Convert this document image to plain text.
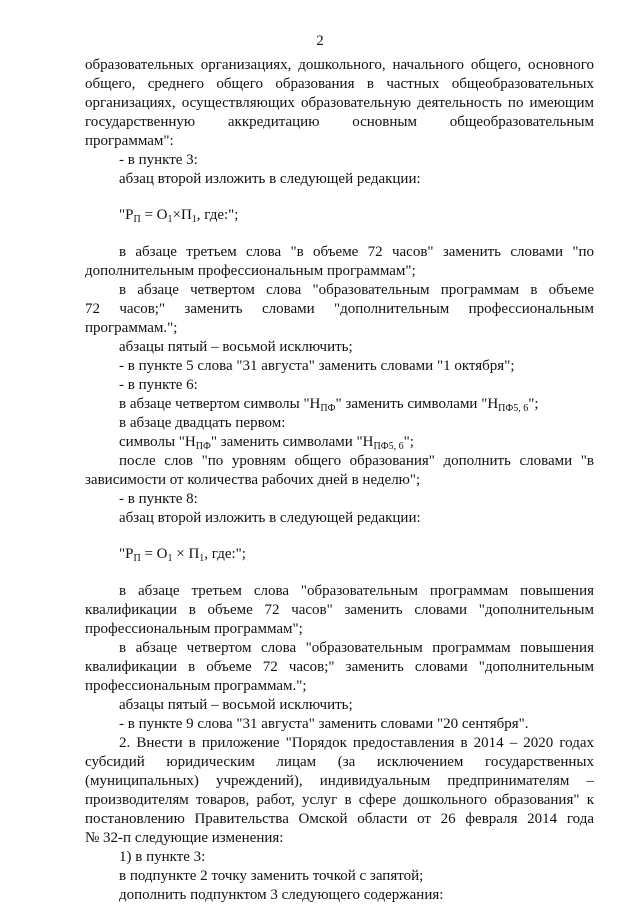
2
образовательных организациях, дошкольного, начального общего, основного
общего, среднего общего образования в частных общеобразовательных
организациях, осуществляющих образовательную деятельность по имеющим
государственную аккредитацию основным общеобразовательным
программам":
- в пункте 3:
абзац второй изложить в следующей редакции:
"$Р_П = О_1\times П_1$, где:";
в абзаце третьем слова "в объеме 72 часов" заменить словами "по
дополнительным профессиональным программам";
в абзаце четвертом слова "образовательным программам в объеме
72 часов;" заменить словами "дополнительным профессиональным
программам.";
абзацы пятый – восьмой исключить;
- в пункте 5 слова "31 августа" заменить словами "1 октября";
- в пункте 6:
в абзаце четвертом символы "$Н_{ПФ}$" заменить символами "$Н_{ПФ5, 6}$";
в абзаце двадцать первом:
символы "$Н_{ПФ}$" заменить символами "$Н_{ПФ5, 6}$";
после слов "по уровням общего образования" дополнить словами "в
зависимости от количества рабочих дней в неделю";
- в пункте 8:
абзац второй изложить в следующей редакции:
"$Р_П = О_1 \times П_1$, где:";
в абзаце третьем слова "образовательным программам повышения
квалификации в объеме 72 часов" заменить словами "дополнительным
профессиональным программам";
в абзаце четвертом слова "образовательным программам повышения
квалификации в объеме 72 часов;" заменить словами "дополнительным
профессиональным программам.";
абзацы пятый – восьмой исключить;
- в пункте 9 слова "31 августа" заменить словами "20 сентября".
2. Внести в приложение "Порядок предоставления в 2014 – 2020 годах
субсидий юридическим лицам (за исключением государственных
(муниципальных) учреждений), индивидуальным предпринимателям –
производителям товаров, работ, услуг в сфере дошкольного образования" к
постановлению Правительства Омской области от 26 февраля 2014 года
№ 32-п следующие изменения:
1) в пункте 3:
в подпункте 2 точку заменить точкой с запятой;
дополнить подпунктом 3 следующего содержания:
